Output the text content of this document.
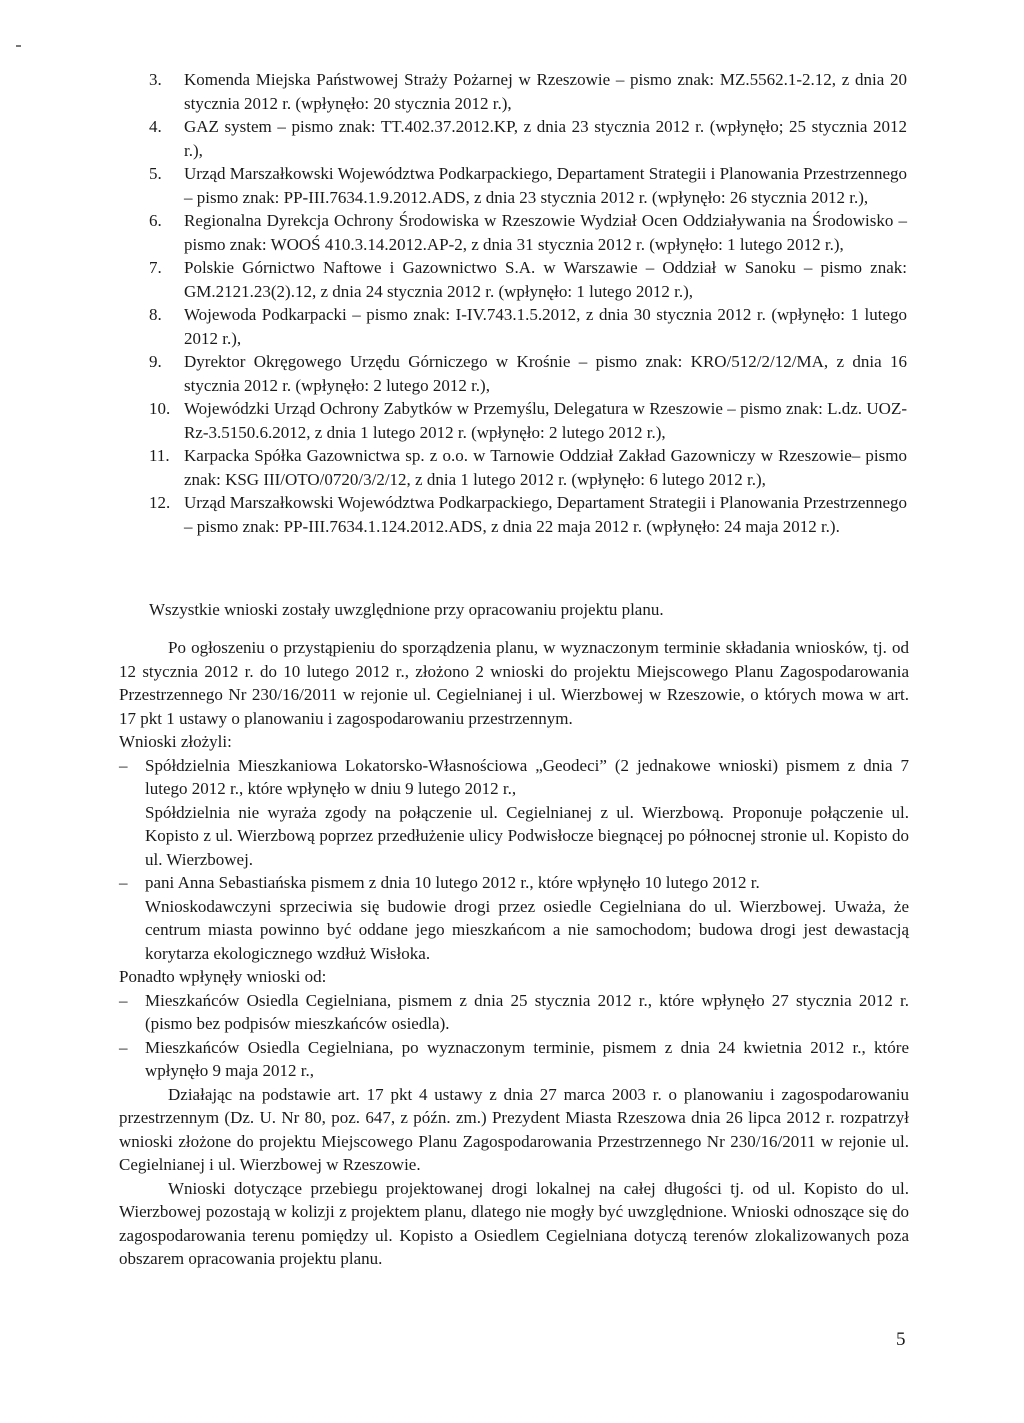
3.	Komenda Miejska Państwowej Straży Pożarnej w Rzeszowie – pismo znak: MZ.5562.1-2.12, z dnia 20 stycznia 2012 r. (wpłynęło: 20 stycznia 2012 r.),
4.	GAZ system – pismo znak: TT.402.37.2012.KP, z dnia 23 stycznia 2012 r. (wpłynęło; 25 stycznia 2012 r.),
5.	Urząd Marszałkowski Województwa Podkarpackiego, Departament Strategii i Planowania Przestrzennego – pismo znak: PP-III.7634.1.9.2012.ADS, z dnia 23 stycznia 2012 r. (wpłynęło: 26 stycznia 2012 r.),
6.	Regionalna Dyrekcja Ochrony Środowiska w Rzeszowie Wydział Ocen Oddziaływania na Środowisko – pismo znak: WOOŚ 410.3.14.2012.AP-2, z dnia 31 stycznia 2012 r. (wpłynęło: 1 lutego 2012 r.),
7.	Polskie Górnictwo Naftowe i Gazownictwo S.A. w Warszawie – Oddział w Sanoku – pismo znak: GM.2121.23(2).12, z dnia 24 stycznia 2012 r. (wpłynęło: 1 lutego 2012 r.),
8.	Wojewoda Podkarpacki – pismo znak: I-IV.743.1.5.2012, z dnia 30 stycznia 2012 r. (wpłynęło: 1 lutego 2012 r.),
9.	Dyrektor Okręgowego Urzędu Górniczego w Krośnie – pismo znak: KRO/512/2/12/MA, z dnia 16 stycznia 2012 r. (wpłynęło: 2 lutego 2012 r.),
10. Wojewódzki Urząd Ochrony Zabytków w Przemyślu, Delegatura w Rzeszowie – pismo znak: L.dz. UOZ-Rz-3.5150.6.2012, z dnia 1 lutego 2012 r. (wpłynęło: 2 lutego 2012 r.),
11. Karpacka Spółka Gazownictwa sp. z o.o. w Tarnowie Oddział Zakład Gazowniczy w Rzeszowie– pismo znak: KSG III/OTO/0720/3/2/12, z dnia 1 lutego 2012 r. (wpłynęło: 6 lutego 2012 r.),
12. Urząd Marszałkowski Województwa Podkarpackiego, Departament Strategii i Planowania Przestrzennego – pismo znak: PP-III.7634.1.124.2012.ADS, z dnia 22 maja 2012 r. (wpłynęło: 24 maja 2012 r.).

Wszystkie wnioski zostały uwzględnione przy opracowaniu projektu planu.

Po ogłoszeniu o przystąpieniu do sporządzenia planu, w wyznaczonym terminie składania wniosków, tj. od 12 stycznia 2012 r. do 10 lutego 2012 r., złożono 2 wnioski do projektu Miejscowego Planu Zagospodarowania Przestrzennego Nr 230/16/2011 w rejonie ul. Cegielnianej i ul. Wierzbowej w Rzeszowie, o których mowa w art. 17 pkt 1 ustawy o planowaniu i zagospodarowaniu przestrzennym.

Wnioski złożyli:

– Spółdzielnia Mieszkaniowa Lokatorsko-Własnościowa „Geodeci” (2 jednakowe wnioski) pismem z dnia 7 lutego 2012 r., które wpłynęło w dniu 9 lutego 2012 r.,

Spółdzielnia nie wyraża zgody na połączenie ul. Cegielnianej z ul. Wierzbową. Proponuje połączenie ul. Kopisto z ul. Wierzbową poprzez przedłużenie ulicy Podwisłocze biegnącej po północnej stronie ul. Kopisto do ul. Wierzbowej.

– pani Anna Sebastiańska pismem z dnia 10 lutego 2012 r., które wpłynęło 10 lutego 2012 r.

Wnioskodawczyni sprzeciwia się budowie drogi przez osiedle Cegielniana do ul. Wierzbowej. Uważa, że centrum miasta powinno być oddane jego mieszkańcom a nie samochodom; budowa drogi jest dewastacją korytarza ekologicznego wzdłuż Wisłoka.

Ponadto wpłynęły wnioski od:

– Mieszkańców Osiedla Cegielniana, pismem z dnia 25 stycznia 2012 r., które wpłynęło 27 stycznia 2012 r.(pismo bez podpisów mieszkańców osiedla).

– Mieszkańców Osiedla Cegielniana, po wyznaczonym terminie, pismem z dnia 24 kwietnia 2012 r., które wpłynęło 9 maja 2012 r.,

Działając na podstawie art. 17 pkt 4 ustawy z dnia 27 marca 2003 r. o planowaniu i zagospodarowaniu przestrzennym (Dz. U. Nr 80, poz. 647, z późn. zm.) Prezydent Miasta Rzeszowa dnia 26 lipca 2012 r. rozpatrzył wnioski złożone do projektu Miejscowego Planu Zagospodarowania Przestrzennego Nr 230/16/2011 w rejonie ul. Cegielnianej i ul. Wierzbowej w Rzeszowie.

Wnioski dotyczące przebiegu projektowanej drogi lokalnej na całej długości tj. od ul. Kopisto do ul. Wierzbowej pozostają w kolizji z projektem planu, dlatego nie mogły być uwzględnione. Wnioski odnoszące się do zagospodarowania terenu pomiędzy ul. Kopisto a Osiedlem Cegielniana dotyczą terenów zlokalizowanych poza obszarem opracowania projektu planu.

5
